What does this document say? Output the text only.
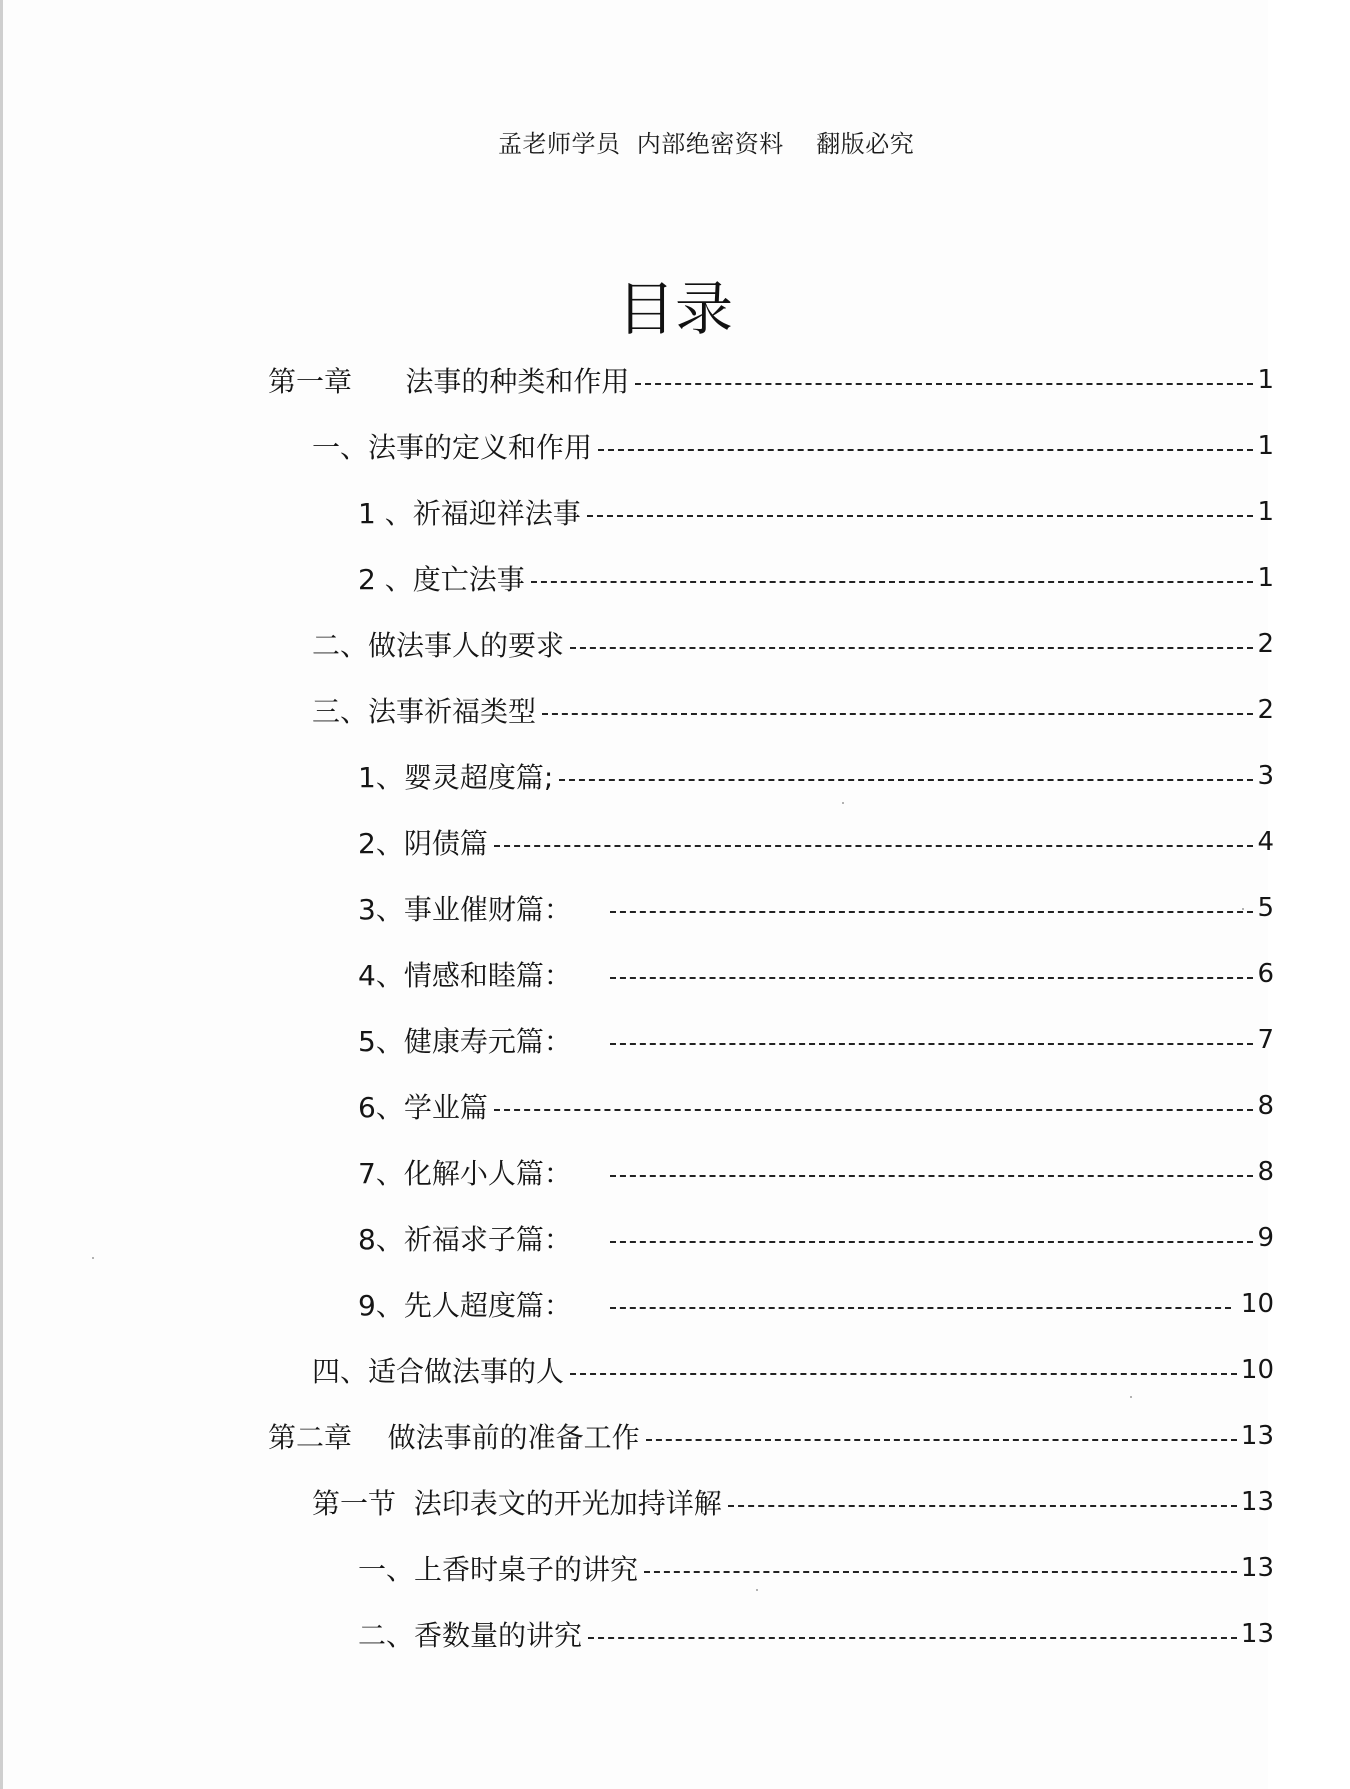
孟老师学员  内部绝密资料    翻版必究
目录
第一章      法事的种类和作用	1
一、法事的定义和作用	1
1 、祈福迎祥法事	1
2 、度亡法事	1
二、做法事人的要求	2
三、法事祈福类型	2
1、婴灵超度篇;	3
2、阴债篇	4
3、事业催财篇：	5
4、情感和睦篇：	6
5、健康寿元篇：	7
6、学业篇	8
7、化解小人篇：	8
8、祈福求子篇：	9
9、先人超度篇：	10
四、适合做法事的人	10
第二章    做法事前的准备工作	13
第一节  法印表文的开光加持详解	13
一、上香时桌子的讲究	13
二、香数量的讲究	13
